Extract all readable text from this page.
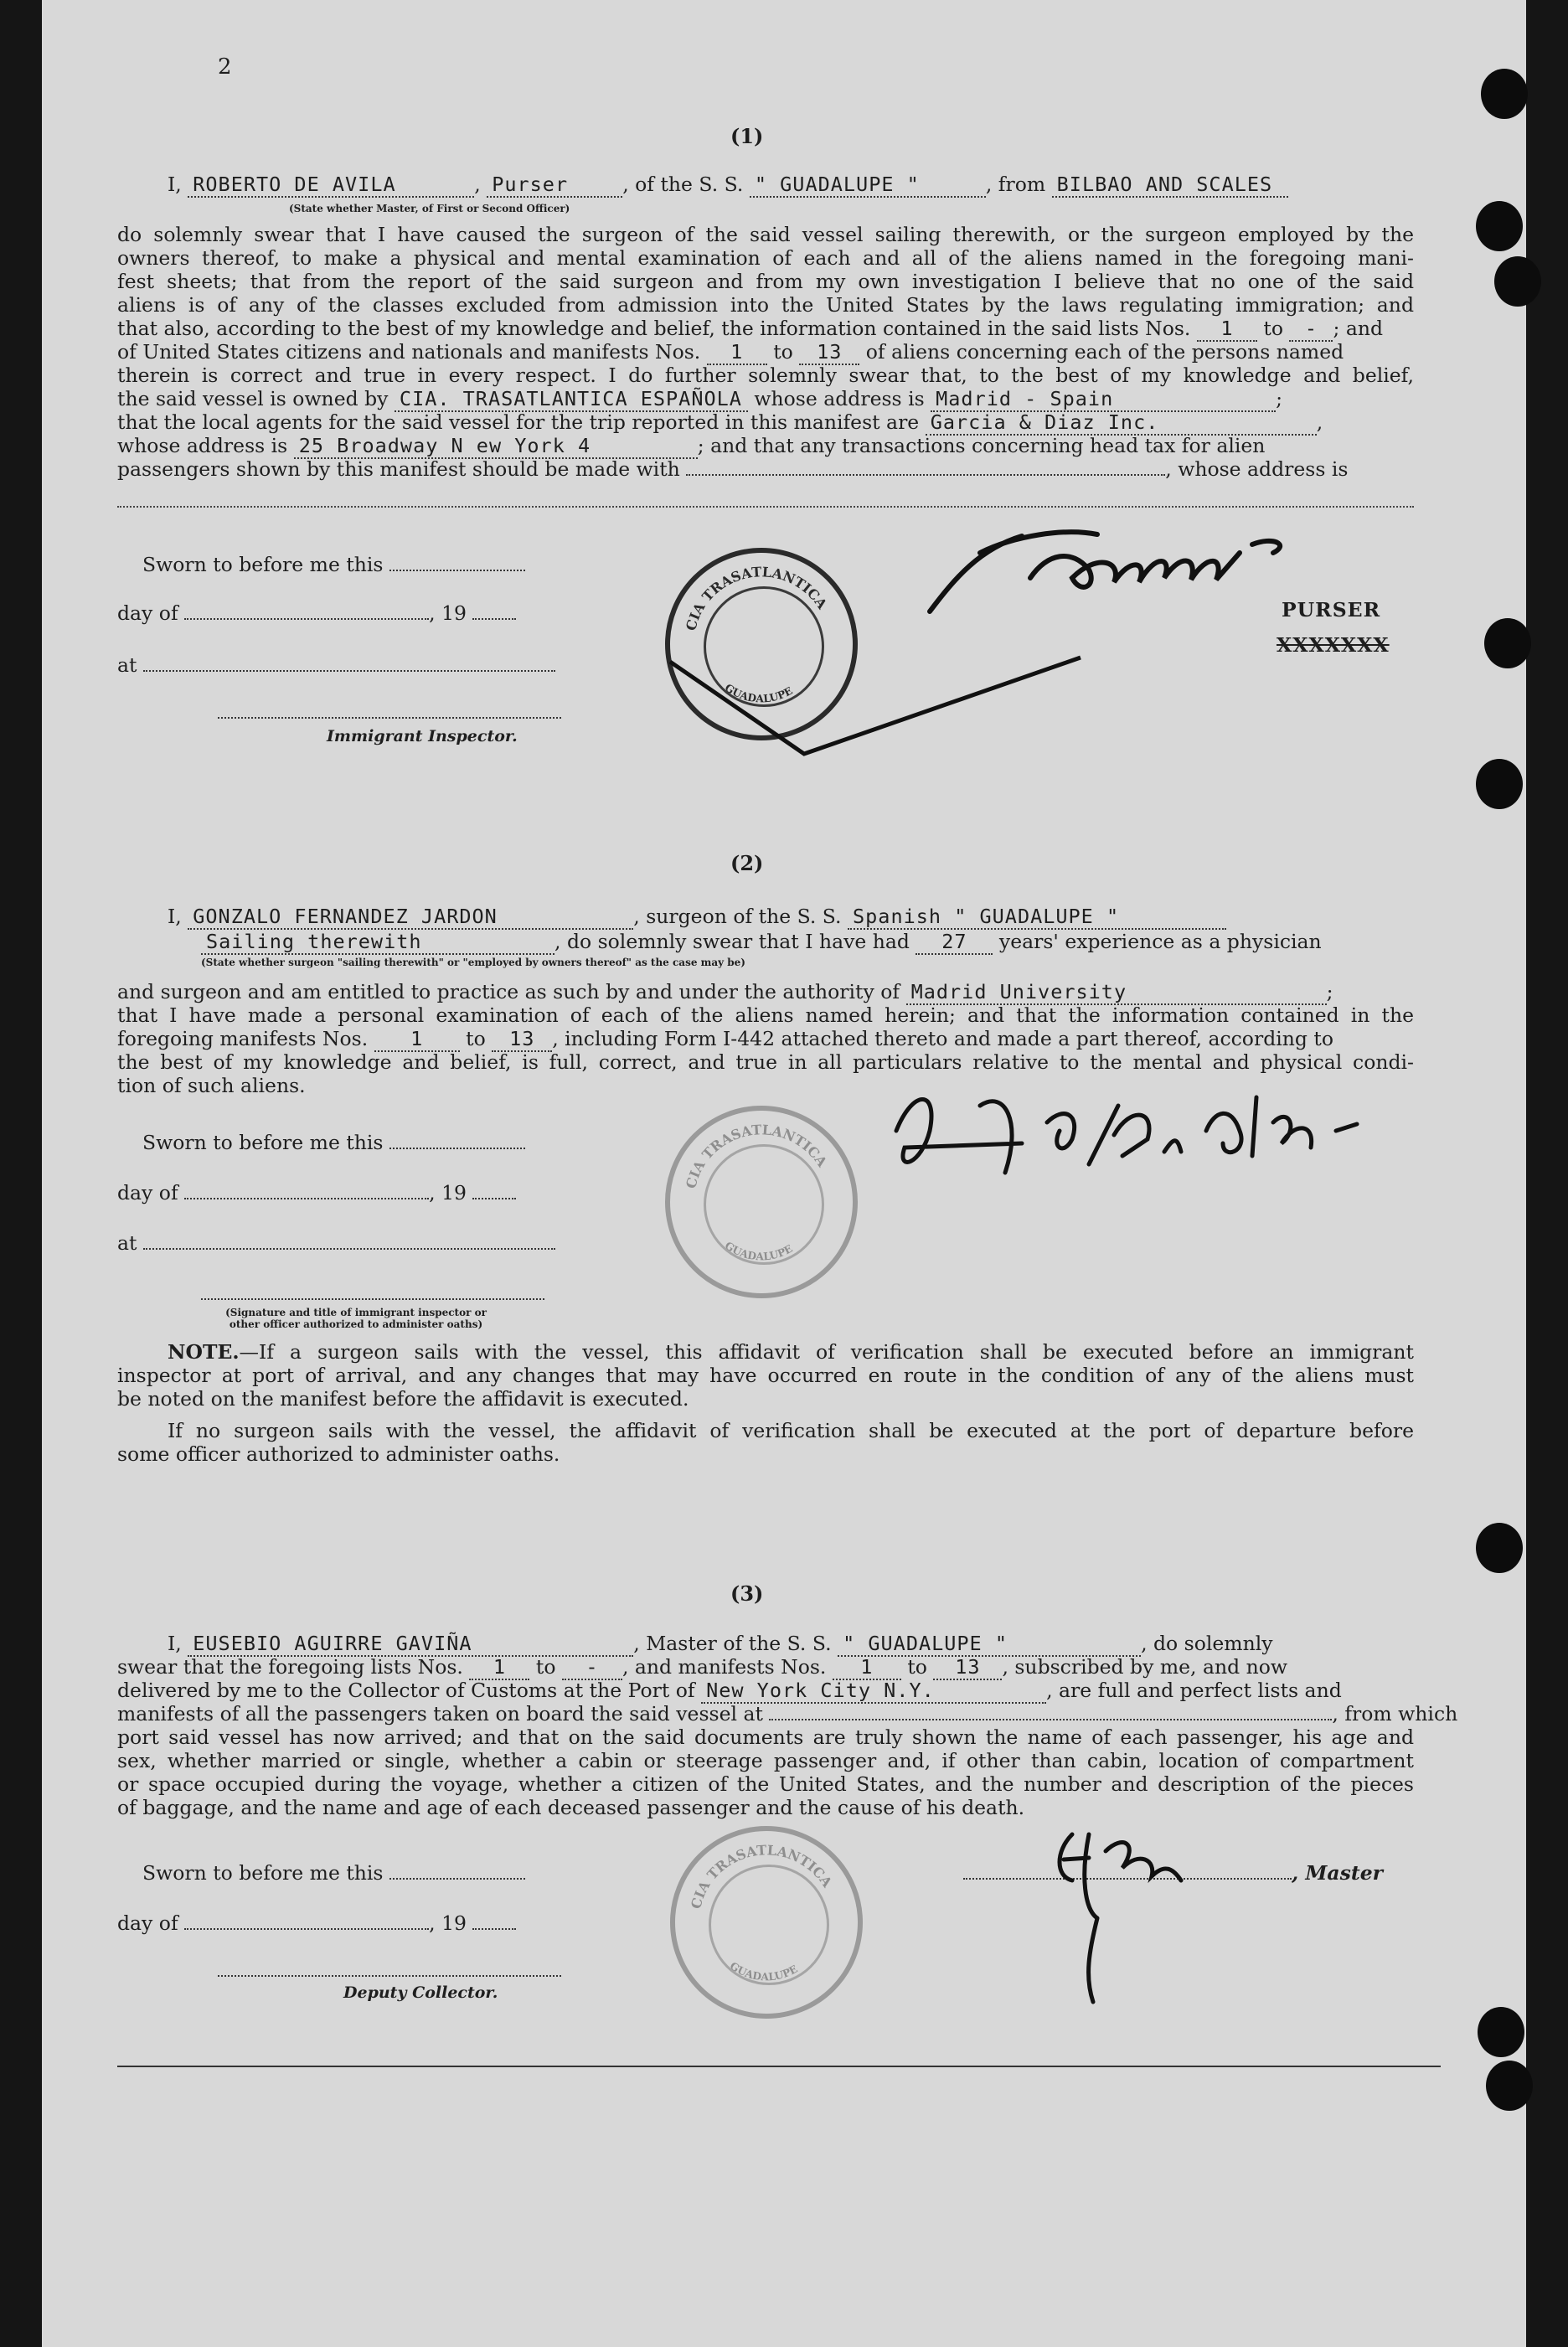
2
(1)
I, ROBERTO DE AVILA	, Purser	, of the S. S. " GUADALUPE "	, from BILBAO AND SCALES
(State whether Master, of First or Second Officer)
do solemnly swear that I have caused the surgeon of the said vessel sailing therewith, or the surgeon employed by the
owners thereof, to make a physical and mental examination of each and all of the aliens named in the foregoing mani-
fest sheets; that from the report of the said surgeon and from my own investigation I believe that no one of the said
aliens is of any of the classes excluded from admission into the United States by the laws regulating immigration; and
that also, according to the best of my knowledge and belief, the information contained in the said lists Nos. 1 to - ; and
of United States citizens and nationals and manifests Nos. 1 to 13 of aliens concerning each of the persons named
therein is correct and true in every respect. I do further solemnly swear that, to the best of my knowledge and belief,
the said vessel is owned by CIA. TRASATLANTICA ESPAÑOLA whose address is Madrid - Spain	;
that the local agents for the said vessel for the trip reported in this manifest are Garcia & Diaz Inc.	,
whose address is 25 Broadway N ew York 4	; and that any transactions concerning head tax for alien
passengers shown by this manifest should be made with	, whose address is
Sworn to before me this
day of	, 19
at
Immigrant Inspector.
CIA TRASATLANTICA
GUADALUPE
PURSER
XXXXXXX
(2)
I, GONZALO FERNANDEZ JARDON	, surgeon of the S. S. Spanish " GUADALUPE "
Sailing therewith	, do solemnly swear that I have had 27 years' experience as a physician
(State whether surgeon "sailing therewith" or "employed by owners thereof" as the case may be)
and surgeon and am entitled to practice as such by and under the authority of Madrid University	;
that I have made a personal examination of each of the aliens named herein; and that the information contained in the
foregoing manifests Nos. 1 to 13 , including Form I-442 attached thereto and made a part thereof, according to
the best of my knowledge and belief, is full, correct, and true in all particulars relative to the mental and physical condi-
tion of such aliens.
Sworn to before me this
day of	, 19
at
(Signature and title of immigrant inspector or other officer authorized to administer oaths)
CIA TRASATLANTICA
GUADALUPE
NOTE.—If a surgeon sails with the vessel, this affidavit of verification shall be executed before an immigrant
inspector at port of arrival, and any changes that may have occurred en route in the condition of any of the aliens must
be noted on the manifest before the affidavit is executed.
If no surgeon sails with the vessel, the affidavit of verification shall be executed at the port of departure before
some officer authorized to administer oaths.
(3)
I, EUSEBIO AGUIRRE GAVIÑA	, Master of the S. S. " GUADALUPE "	, do solemnly
swear that the foregoing lists Nos. 1 to - , and manifests Nos. 1 to 13 , subscribed by me, and now
delivered by me to the Collector of Customs at the Port of New York City N.Y.	, are full and perfect lists and
manifests of all the passengers taken on board the said vessel at	, from which
port said vessel has now arrived; and that on the said documents are truly shown the name of each passenger, his age and
sex, whether married or single, whether a cabin or steerage passenger and, if other than cabin, location of compartment
or space occupied during the voyage, whether a citizen of the United States, and the number and description of the pieces
of baggage, and the name and age of each deceased passenger and the cause of his death.
Sworn to before me this
day of	, 19
Deputy Collector.
, Master
CIA TRASATLANTICA
GUADALUPE
